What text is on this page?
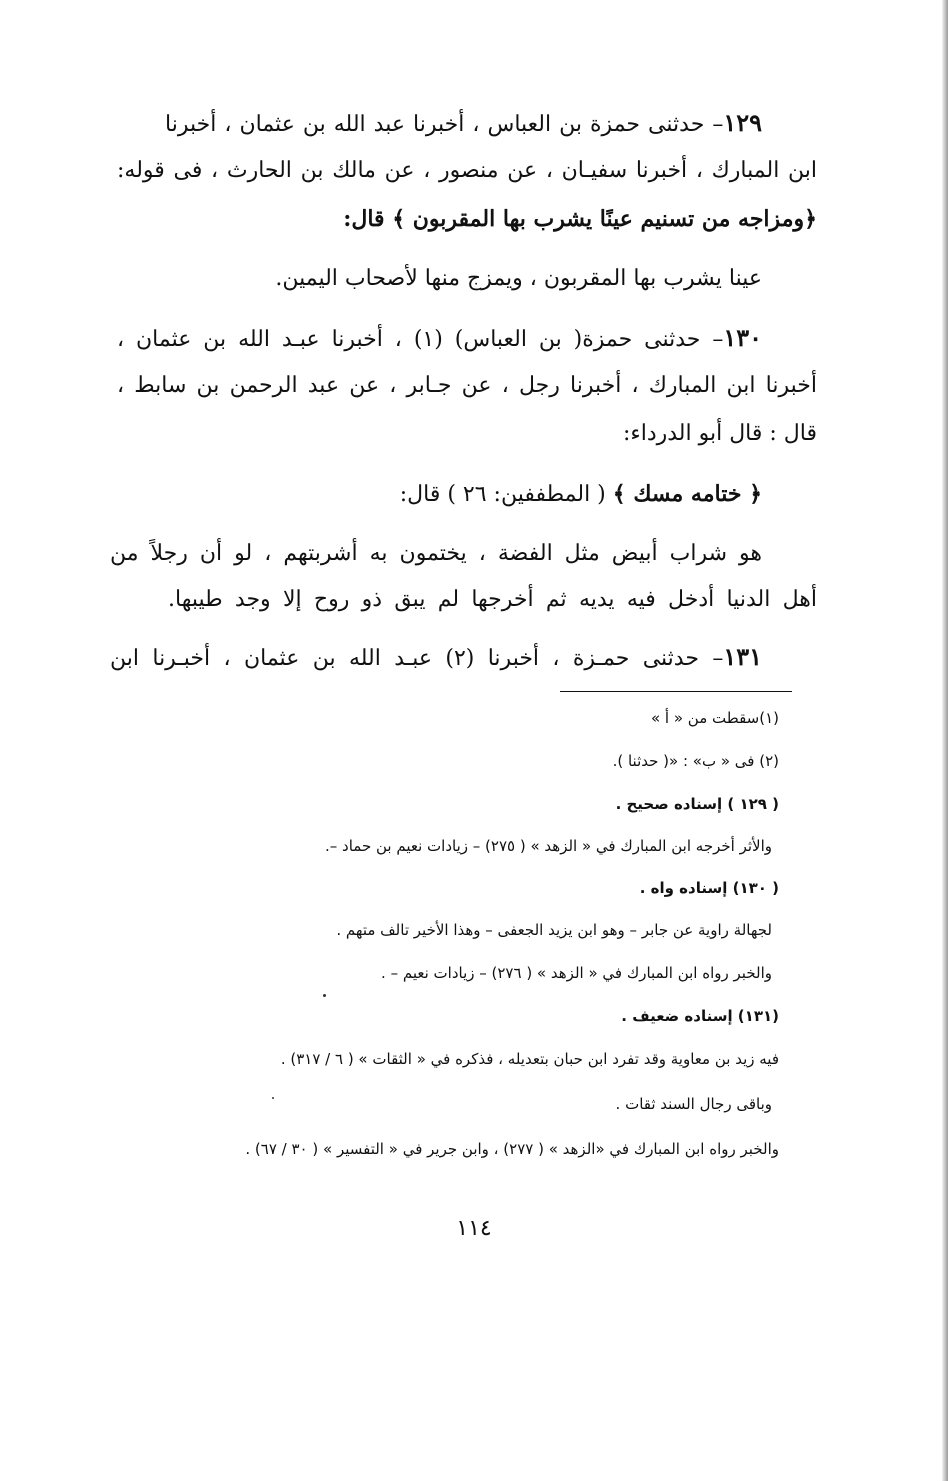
١٢٩– حدثنى حمزة بن العباس ، أخبرنا عبد الله بن عثمان ، أخبرنا
ابن المبارك ، أخبرنا سفيـان ، عن منصور ، عن مالك بن الحارث ، فى قوله:
﴿ومزاجه من تسنيم عينًا يشرب بها المقربون ﴾ قال:
عينا يشرب بها المقربون ، ويمزج منها لأصحاب اليمين.
١٣٠– حدثنى حمزة( بن العباس) (١) ، أخبرنا عبـد الله بن عثمان ،
أخبرنا ابن المبارك ، أخبرنا رجل ، عن جـابر ، عن عبد الرحمن بن سابط ،
قال : قال أبو الدرداء:
﴿ ختامه مسك ﴾ ( المطففين: ٢٦ ) قال:
هو شراب أبيض مثل الفضة ، يختمون به أشربتهم ، لو أن رجلاً من
أهل الدنيا أدخل فيه يديه ثم أخرجها لم يبق ذو روح إلا وجد طيبها.
١٣١– حدثنى حمـزة ، أخبرنا (٢) عبـد الله بن عثمان ، أخبـرنا ابن
(١)سقطت من « أ »
(٢) فى « ب» : «( حدثنا ).
( ١٢٩ ) إسناده صحيح .
والأثر أخرجه ابن المبارك في « الزهد » ( ٢٧٥) – زيادات نعيم بن حماد –.
( ١٣٠) إسناده واه .
لجهالة راوية عن جابر – وهو ابن يزيد الجعفى – وهذا الأخير تالف متهم .
والخبر رواه ابن المبارك في « الزهد » ( ٢٧٦) – زيادات نعيم – .
(١٣١) إسناده ضعيف .
فيه زيد بن معاوية وقد تفرد ابن حبان بتعديله ، فذكره في « الثقات » ( ٦ / ٣١٧) .
وباقى رجال السند ثقات .
والخبر رواه ابن المبارك في «الزهد » ( ٢٧٧) ، وابن جرير في « التفسير » ( ٣٠ / ٦٧) .
١١٤
